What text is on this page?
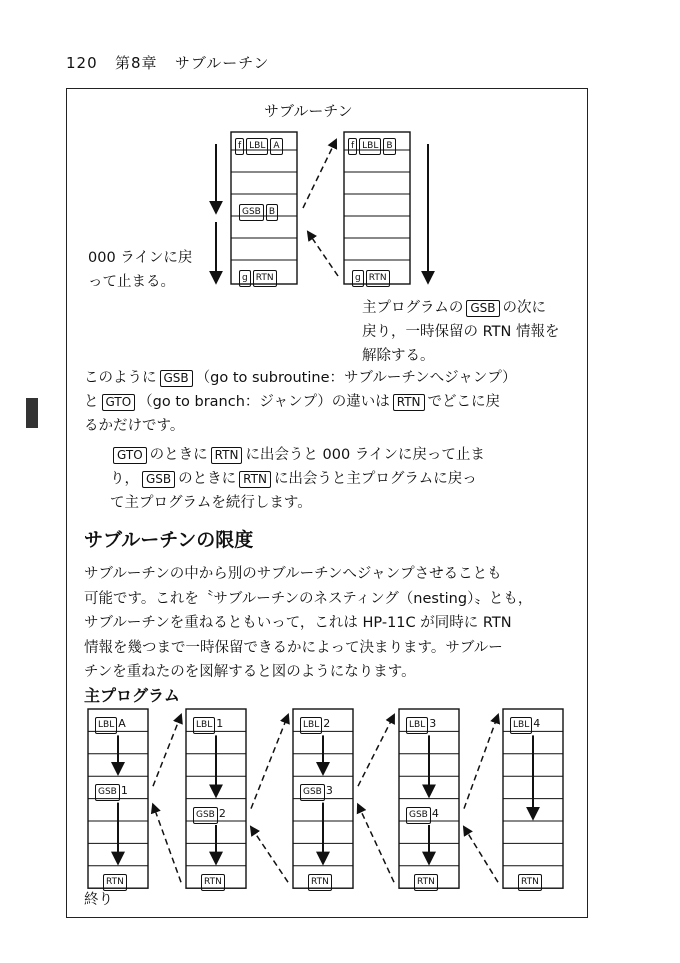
120 第8章 サブルーチン
サブルーチン
f LBL A
GSB B
g RTN
f LBL B
g RTN
000 ラインに戻
って止まる。
主プログラムの GSB の次に
戻り，一時保留の RTN 情報を
解除する。
このように GSB （go to subroutine：サブルーチンへジャンプ）
と GTO （go to branch：ジャンプ）の違いは RTN でどこに戻
るかだけです。
GTO のときに RTN に出会うと 000 ラインに戻って止ま
り， GSB のときに RTN に出会うと主プログラムに戻っ
て主プログラムを続行します。
サブルーチンの限度
サブルーチンの中から別のサブルーチンへジャンプさせることも
可能です。これを〝サブルーチンのネスティング（nesting）〟とも，
サブルーチンを重ねるともいって，これは HP-11C が同時に RTN
情報を幾つまで一時保留できるかによって決まります。サブルー
チンを重ねたのを図解すると図のようになります。
主プログラム
終り
LBL A
GSB 1
RTN
LBL 1
GSB 2
RTN
LBL 2
GSB 3
RTN
LBL 3
GSB 4
RTN
LBL 4
RTN
